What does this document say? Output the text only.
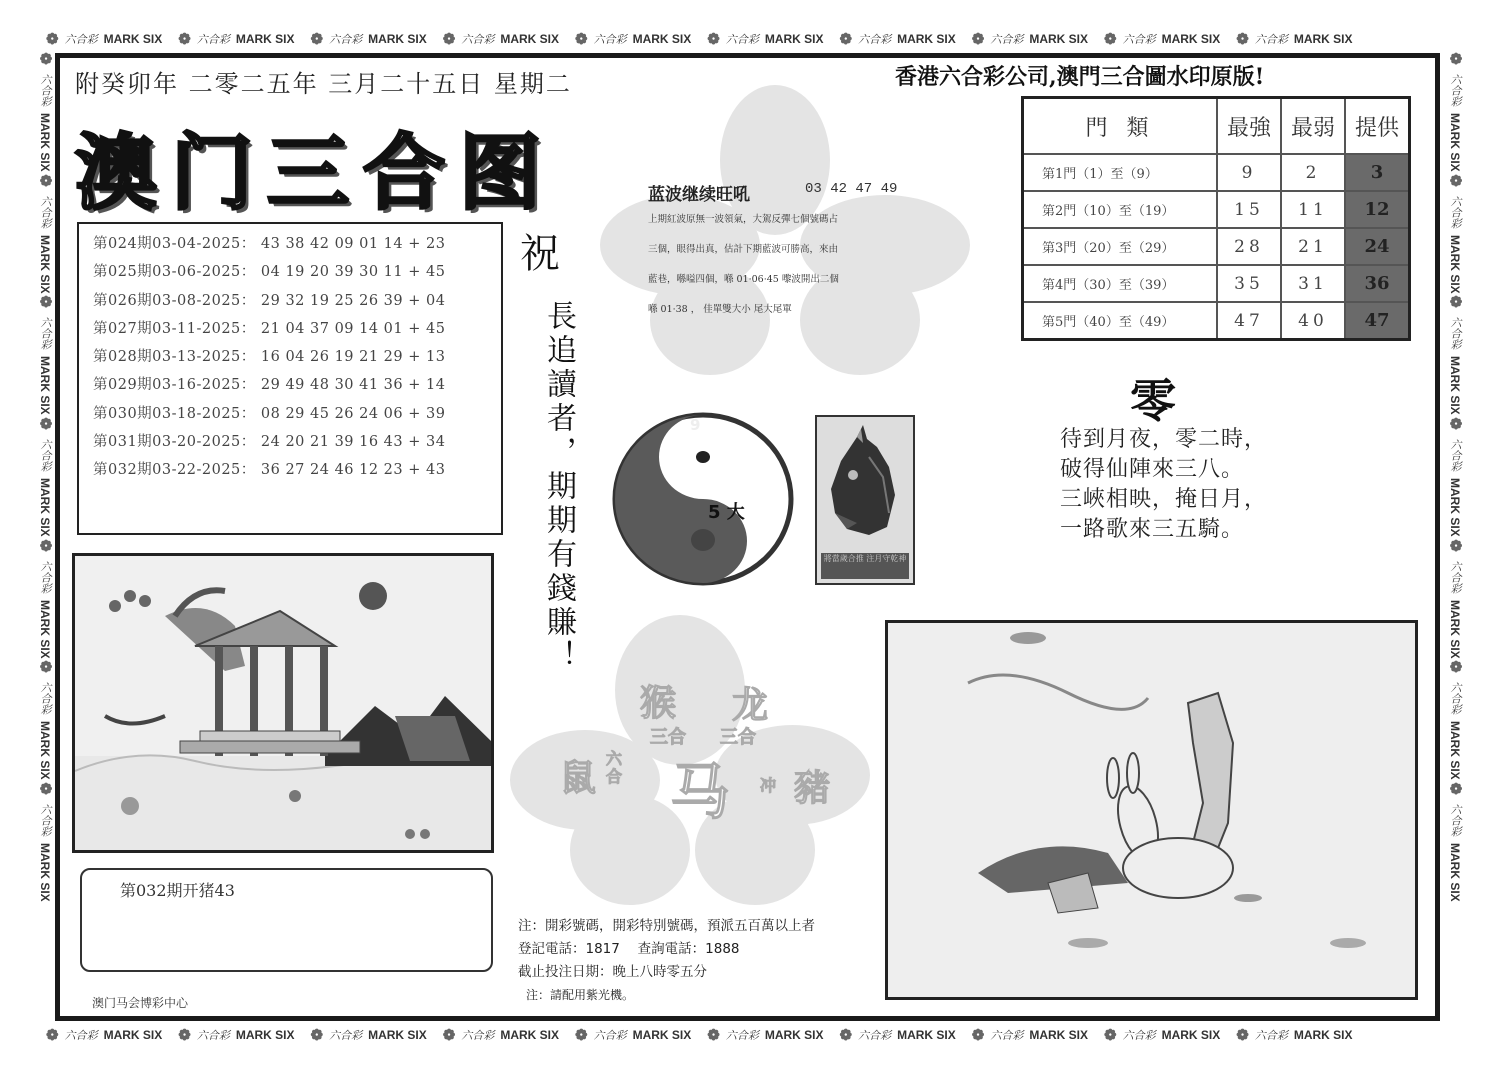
❁ 六合彩 MARK SIX ❁ 六合彩 MARK SIX ❁ 六合彩 MARK SIX ❁ 六合彩 MARK SIX ❁ 六合彩 MARK SIX ❁ 六合彩 MARK SIX ❁ 六合彩 MARK SIX ❁ 六合彩 MARK SIX ❁ 六合彩 MARK SIX ❁ 六合彩 MARK SIX
❁ 六合彩 MARK SIX ❁ 六合彩 MARK SIX ❁ 六合彩 MARK SIX ❁ 六合彩 MARK SIX ❁ 六合彩 MARK SIX ❁ 六合彩 MARK SIX ❁ 六合彩 MARK SIX ❁ 六合彩 MARK SIX ❁ 六合彩 MARK SIX ❁ 六合彩 MARK SIX
❁
六合彩
MARK SIX
❁
六合彩
MARK SIX
❁
六合彩
MARK SIX
❁
六合彩
MARK SIX
❁
六合彩
MARK SIX
❁
六合彩
MARK SIX
❁
六合彩
MARK SIX
❁
六合彩
MARK SIX
❁
六合彩
MARK SIX
❁
六合彩
MARK SIX
❁
六合彩
MARK SIX
❁
六合彩
MARK SIX
❁
六合彩
MARK SIX
❁
六合彩
MARK SIX
猴 龙
三合 三合
鼠 六合 马 冲 豬
附癸卯年 二零二五年 三月二十五日 星期二
澳门三合图
香港六合彩公司,澳門三合圖水印原版!
第024期03-04-2025： 43 38 42 09 01 14 + 23
第025期03-06-2025： 04 19 20 39 30 11 + 45
第026期03-08-2025： 29 32 19 25 26 39 + 04
第027期03-11-2025： 21 04 37 09 14 01 + 45
第028期03-13-2025： 16 04 26 19 21 29 + 13
第029期03-16-2025： 29 49 48 30 41 36 + 14
第030期03-18-2025： 08 29 45 26 24 06 + 39
第031期03-20-2025： 24 20 21 39 16 43 + 34
第032期03-22-2025： 36 27 24 46 12 23 + 43
祝
長追讀者，期期有錢賺！
蓝波继续旺吼	03 42 47 49
上期紅波原無一波領氣，大駕反彈七個號碼占
三個，眼得出真，估計下期藍波可勝高，來由
藍巷，喺嗌四個，喺 01·06·45 嚟波開出二個
喺 01·38 ， 佳單雙大小 尾大尾單
9
5 大
將當歲合推 注月守乾神
門 類	最強	最弱	提供
第1門（1）至（9）	9	2	3
第2門（10）至（19）	15	11	12
第3門（20）至（29）	28	21	24
第4門（30）至（39）	35	31	36
第5門（40）至（49）	47	40	47
零
待到月夜，零二時，
破得仙陣來三八。
三峽相映，掩日月，
一路歌來三五騎。
第032期开猪43
澳门马会博彩中心
注：開彩號碼，開彩特別號碼，預派五百萬以上者
登記電話：1817　 查詢電話：1888
截止投注日期：晚上八時零五分
注：請配用紫光機。
